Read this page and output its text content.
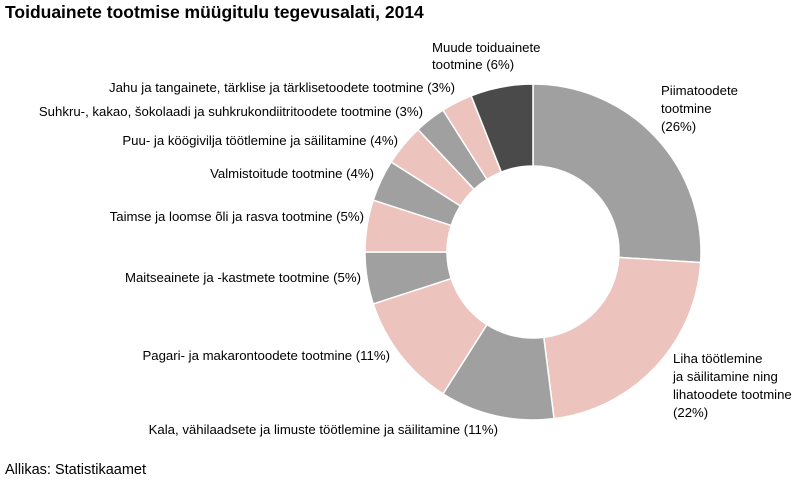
Toiduainete tootmise müügitulu tegevusalati, 2014
Piimatoodete tootmine (26%)
Liha töötlemine ja säilitamine ning lihatoodete tootmine (22%)
Kala, vähilaadsete ja limuste töötlemine ja säilitamine (11%)
Pagari- ja makarontoodete tootmine (11%)
Maitseainete ja -kastmete tootmine (5%)
Taimse ja loomse õli ja rasva tootmine (5%)
Valmistoitude tootmine (4%)
Puu- ja köögivilja töötlemine ja säilitamine (4%)
Suhkru-, kakao, šokolaadi ja suhkrukondiitritoodete tootmine (3%)
Jahu ja tangainete, tärklise ja tärklisetoodete tootmine (3%)
Muude toiduainete tootmine (6%)
Allikas: Statistikaamet
